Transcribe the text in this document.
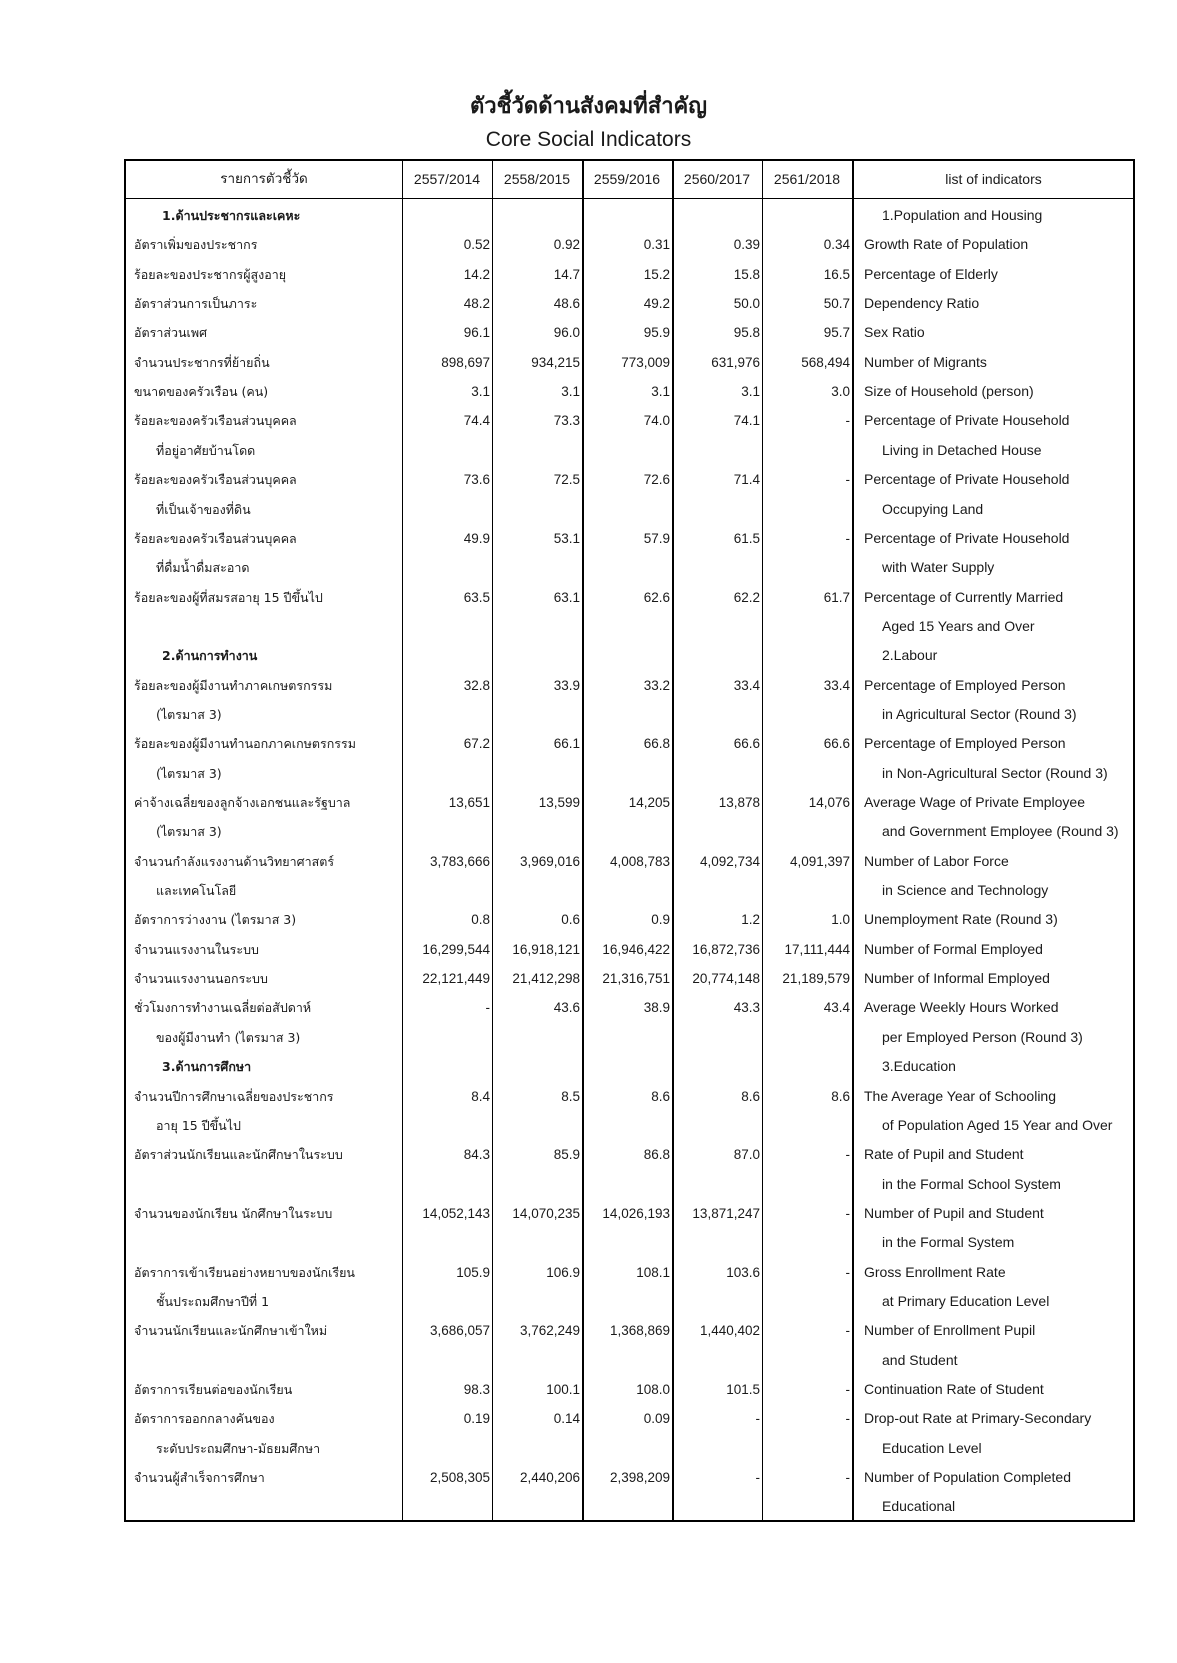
ตัวชี้วัดด้านสังคมที่สำคัญ
Core Social Indicators
รายการตัวชี้วัด	2557/2014	2558/2015	2559/2016	2560/2017	2561/2018	list of indicators
1.ด้านประชากรและเคหะ	1.Population and Housing
อัตราเพิ่มของประชากร	0.52	0.92	0.31	0.39	0.34 Growth Rate of Population
ร้อยละของประชากรผู้สูงอายุ	14.2	14.7	15.2	15.8	16.5 Percentage of Elderly
อัตราส่วนการเป็นภาระ	48.2	48.6	49.2	50.0	50.7 Dependency Ratio
อัตราส่วนเพศ	96.1	96.0	95.9	95.8	95.7 Sex Ratio
จำนวนประชากรที่ย้ายถิ่น	898,697	934,215	773,009	631,976	568,494 Number of Migrants
ขนาดของครัวเรือน (คน)	3.1	3.1	3.1	3.1	3.0 Size of Household (person)
ร้อยละของครัวเรือนส่วนบุคคล	74.4	73.3	74.0	74.1	- Percentage of Private Household
ที่อยู่อาศัยบ้านโดด	Living in Detached House
ร้อยละของครัวเรือนส่วนบุคคล	73.6	72.5	72.6	71.4	- Percentage of Private Household
ที่เป็นเจ้าของที่ดิน	Occupying Land
ร้อยละของครัวเรือนส่วนบุคคล	49.9	53.1	57.9	61.5	- Percentage of Private Household
ที่ดื่มน้ำดื่มสะอาด	with Water Supply
ร้อยละของผู้ที่สมรสอายุ 15 ปีขึ้นไป	63.5	63.1	62.6	62.2	61.7 Percentage of Currently Married
Aged 15 Years and Over
2.ด้านการทำงาน	2.Labour
ร้อยละของผู้มีงานทำภาคเกษตรกรรม	32.8	33.9	33.2	33.4	33.4 Percentage of Employed Person
(ไตรมาส 3)	in Agricultural Sector (Round 3)
ร้อยละของผู้มีงานทำนอกภาคเกษตรกรรม	67.2	66.1	66.8	66.6	66.6 Percentage of Employed Person
(ไตรมาส 3)	in Non-Agricultural Sector (Round 3)
ค่าจ้างเฉลี่ยของลูกจ้างเอกชนและรัฐบาล	13,651	13,599	14,205	13,878	14,076 Average Wage of Private Employee
(ไตรมาส 3)	and Government Employee (Round 3)
จำนวนกำลังแรงงานด้านวิทยาศาสตร์	3,783,666 3,969,016 4,008,783 4,092,734 4,091,397 Number of Labor Force
และเทคโนโลยี	in Science and Technology
อัตราการว่างงาน (ไตรมาส 3)	0.8	0.6	0.9	1.2	1.0 Unemployment Rate (Round 3)
จำนวนแรงงานในระบบ	16,299,544 16,918,121 16,946,422 16,872,736 17,111,444 Number of Formal Employed
จำนวนแรงงานนอกระบบ	22,121,449 21,412,298 21,316,751 20,774,148 21,189,579 Number of Informal Employed
ชั่วโมงการทำงานเฉลี่ยต่อสัปดาห์	-	43.6	38.9	43.3	43.4 Average Weekly Hours Worked
ของผู้มีงานทำ (ไตรมาส 3)	per Employed Person (Round 3)
3.ด้านการศึกษา	3.Education
จำนวนปีการศึกษาเฉลี่ยของประชากร	8.4	8.5	8.6	8.6	8.6 The Average Year of Schooling
อายุ 15 ปีขึ้นไป	of Population Aged 15 Year and Over
อัตราส่วนนักเรียนและนักศึกษาในระบบ	84.3	85.9	86.8	87.0	- Rate of Pupil and Student
in the Formal School System
จำนวนของนักเรียน นักศึกษาในระบบ	14,052,143 14,070,235 14,026,193 13,871,247	- Number of Pupil and Student
in the Formal System
อัตราการเข้าเรียนอย่างหยาบของนักเรียน	105.9	106.9	108.1	103.6	- Gross Enrollment Rate
ชั้นประถมศึกษาปีที่ 1	at Primary Education Level
จำนวนนักเรียนและนักศึกษาเข้าใหม่	3,686,057 3,762,249 1,368,869 1,440,402	- Number of Enrollment Pupil
and Student
อัตราการเรียนต่อของนักเรียน	98.3	100.1	108.0	101.5	- Continuation Rate of Student
อัตราการออกกลางคันของ	0.19	0.14	0.09	-	- Drop-out Rate at Primary-Secondary
ระดับประถมศึกษา-มัธยมศึกษา	Education Level
จำนวนผู้สำเร็จการศึกษา	2,508,305 2,440,206 2,398,209	-	- Number of Population Completed
Educational
